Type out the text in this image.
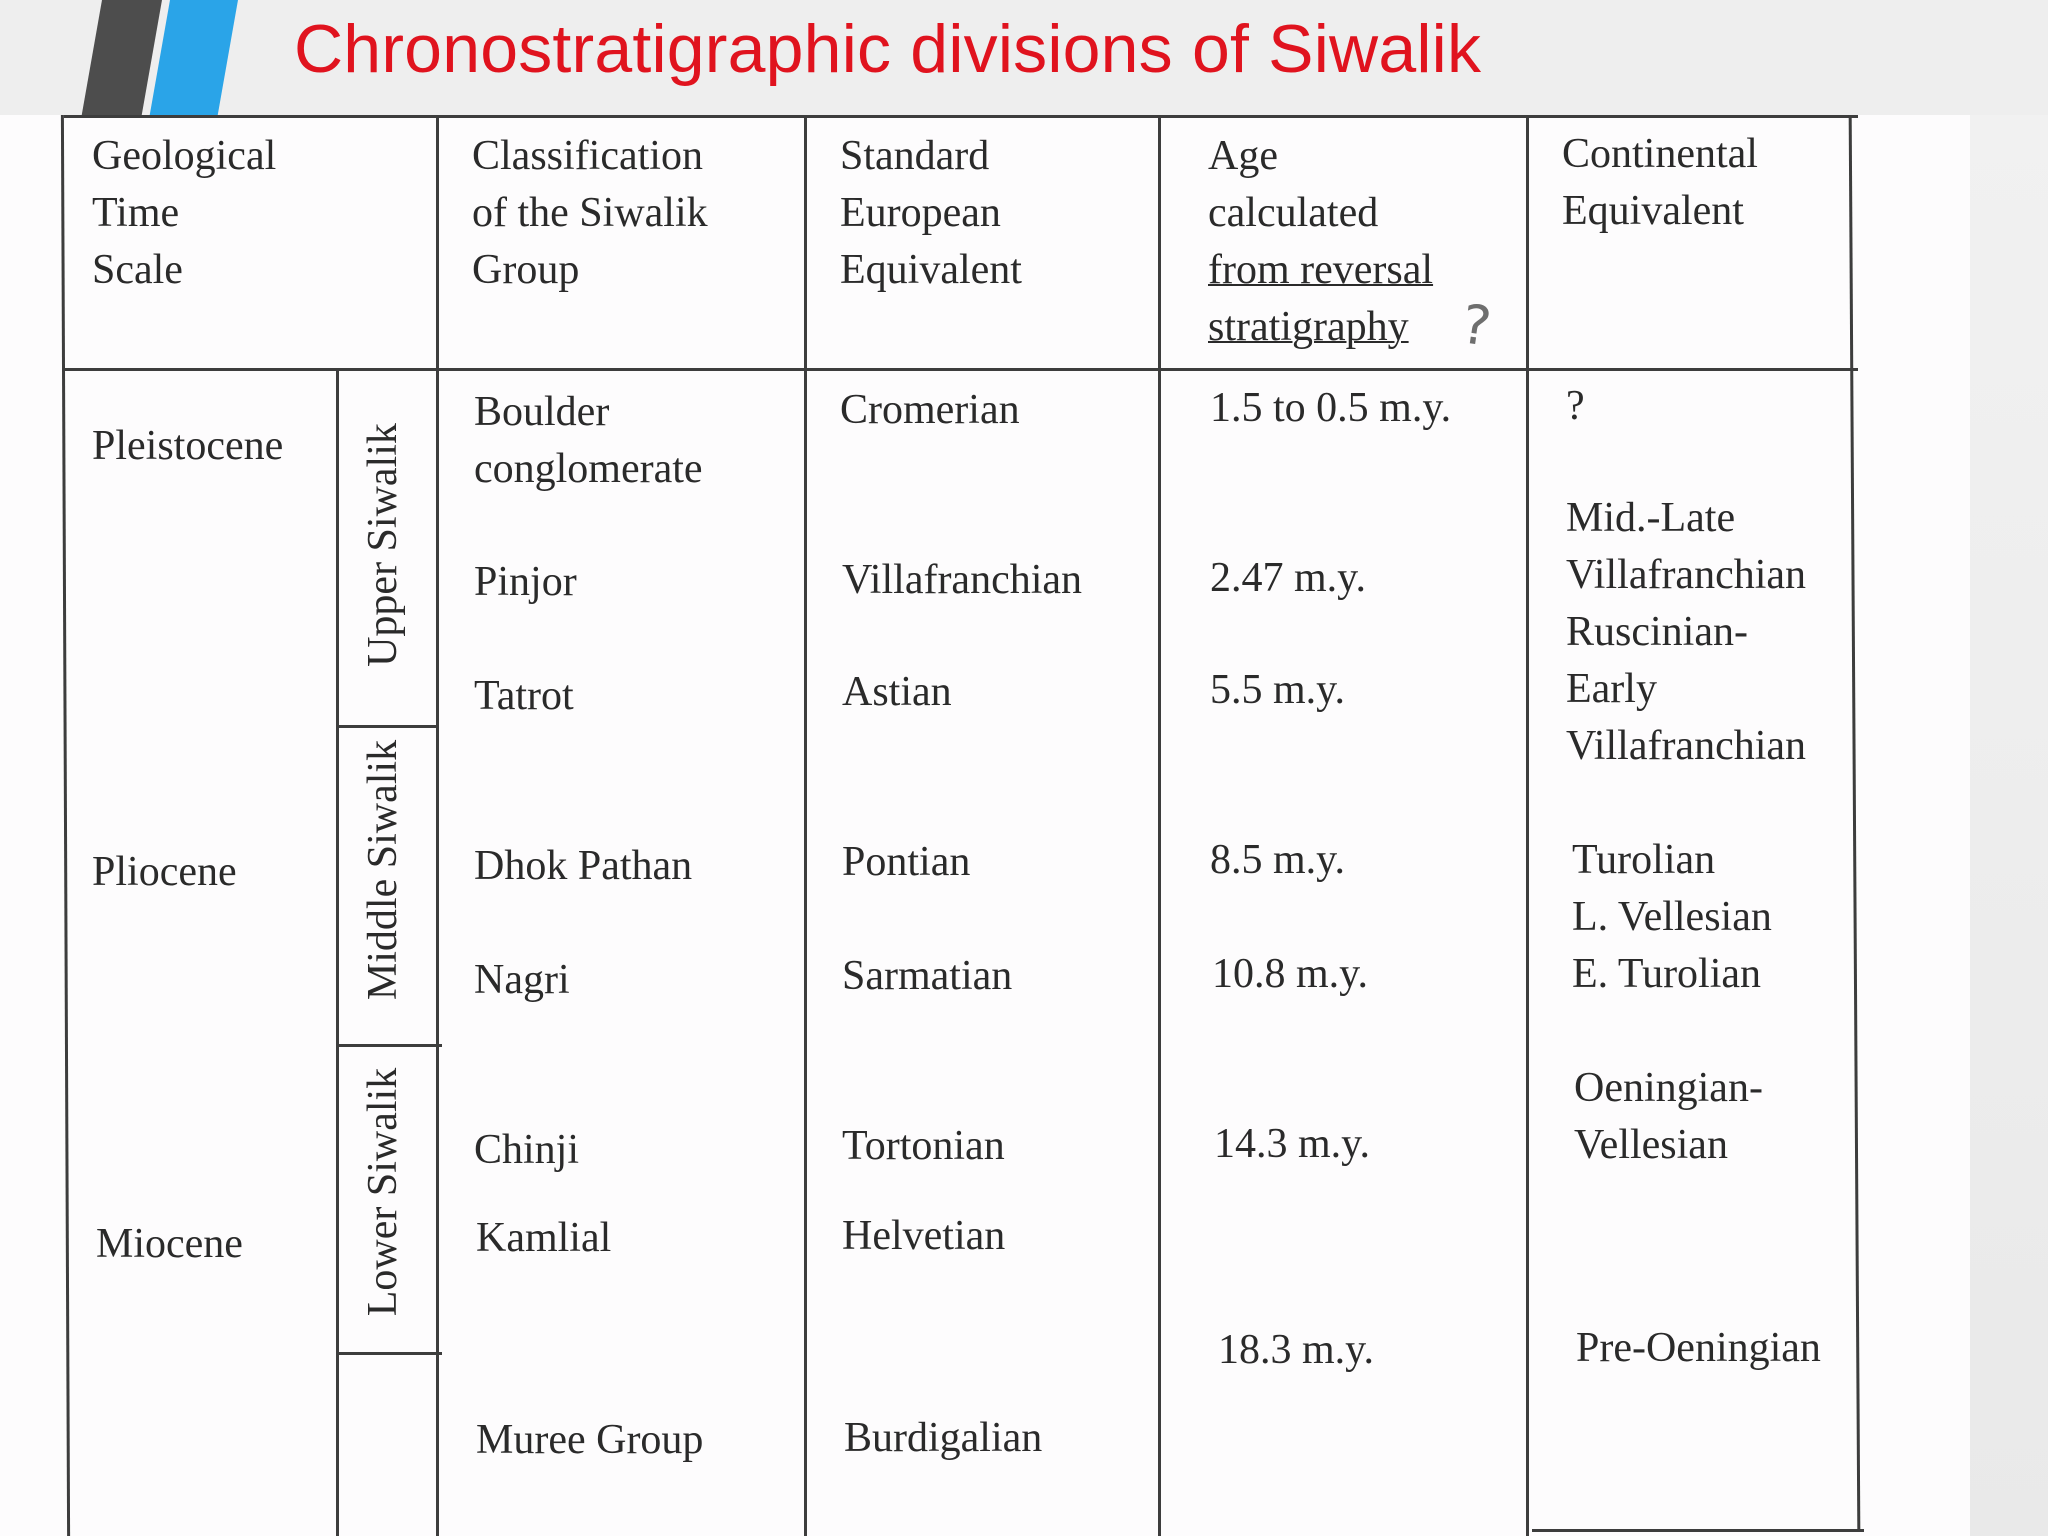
Chronostratigraphic divisions of Siwalik
Geological
Time
Scale
Classification
of the Siwalik
Group
Standard
European
Equivalent
Age
calculated
from reversal
stratigraphy ?
Continental
Equivalent
Pleistocene
Pliocene
Miocene
Upper Siwalik
Middle Siwalik
Lower Siwalik
Boulder
conglomerate
Pinjor
Tatrot
Dhok Pathan
Nagri
Chinji
Kamlial
Muree Group
Cromerian
Villafranchian
Astian
Pontian
Sarmatian
Tortonian
Helvetian
Burdigalian
1.5 to 0.5 m.y.
2.47 m.y.
5.5 m.y.
8.5 m.y.
10.8 m.y.
14.3 m.y.
18.3 m.y.
?
Mid.-Late
Villafranchian
Ruscinian-
Early
Villafranchian
Turolian
L. Vellesian
E. Turolian
Oeningian-
Vellesian
Pre-Oeningian
